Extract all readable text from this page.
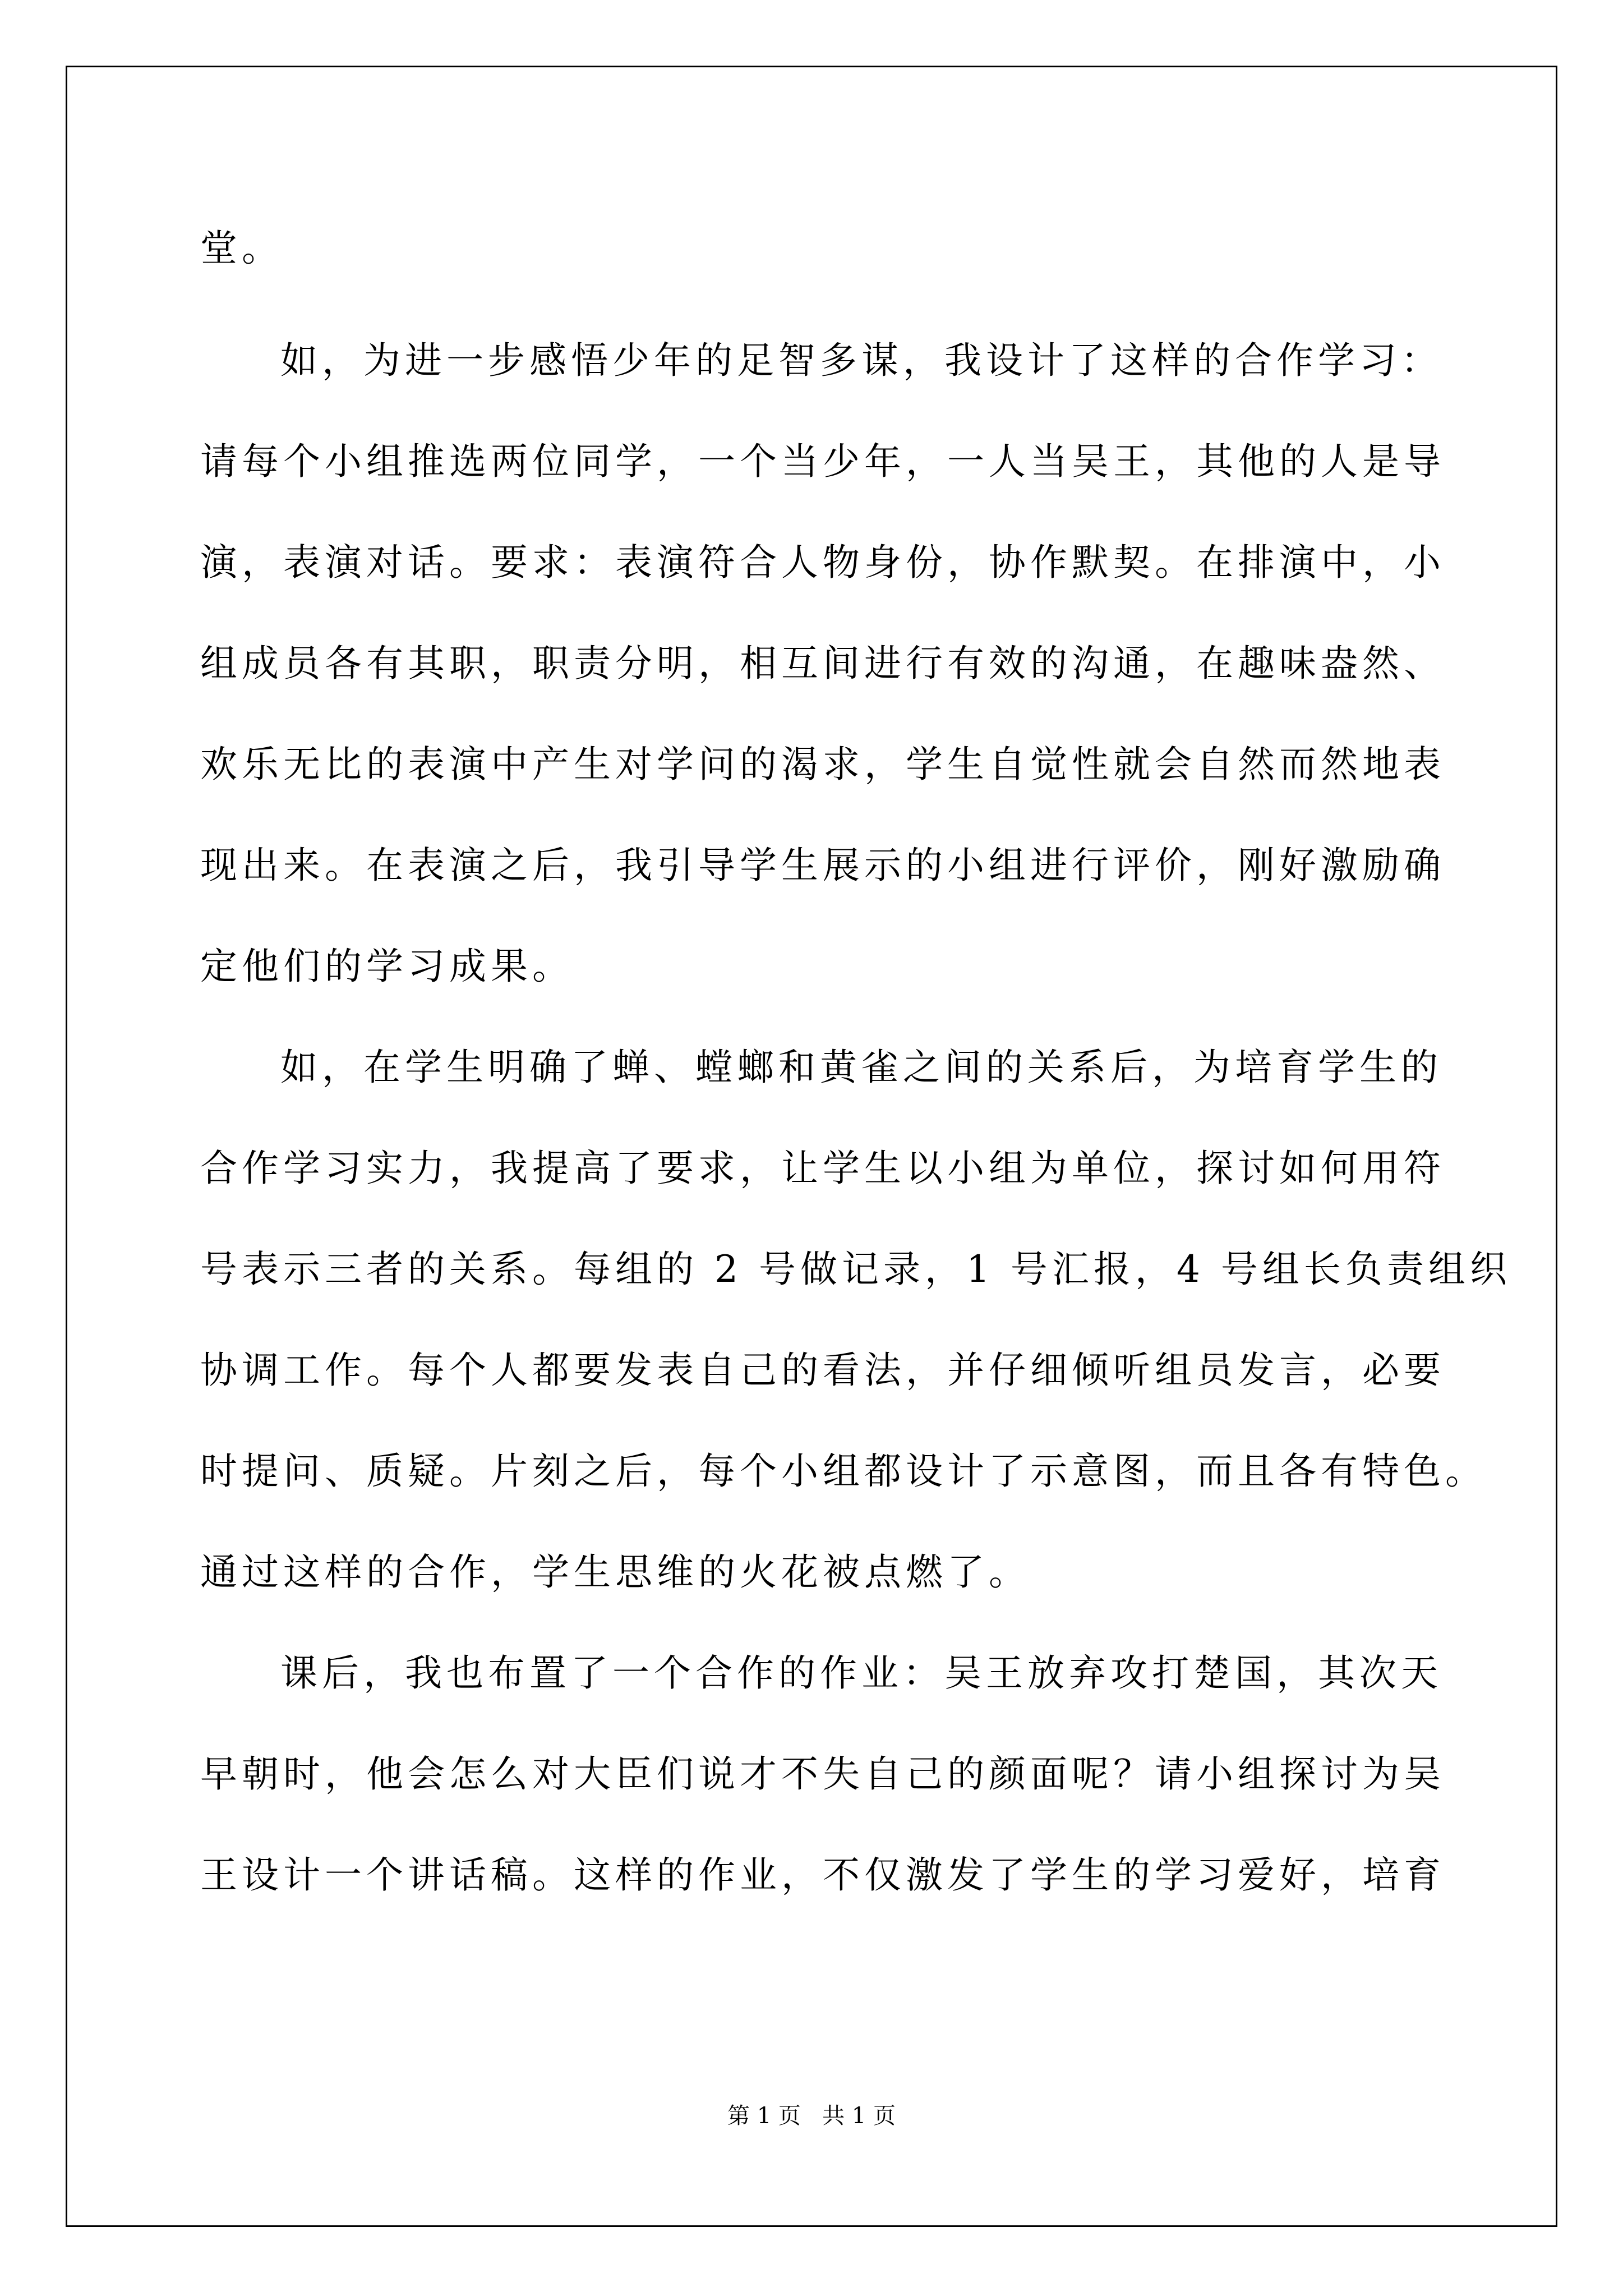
堂。
如，为进一步感悟少年的足智多谋，我设计了这样的合作学习：
请每个小组推选两位同学，一个当少年，一人当吴王，其他的人是导
演，表演对话。要求：表演符合人物身份，协作默契。在排演中，小
组成员各有其职，职责分明，相互间进行有效的沟通，在趣味盎然、
欢乐无比的表演中产生对学问的渴求，学生自觉性就会自然而然地表
现出来。在表演之后，我引导学生展示的小组进行评价，刚好激励确
定他们的学习成果。
如，在学生明确了蝉、螳螂和黄雀之间的关系后，为培育学生的
合作学习实力，我提高了要求，让学生以小组为单位，探讨如何用符
号表示三者的关系。每组的 2 号做记录，1 号汇报，4 号组长负责组织
协调工作。每个人都要发表自己的看法，并仔细倾听组员发言，必要
时提问、质疑。片刻之后，每个小组都设计了示意图，而且各有特色。
通过这样的合作，学生思维的火花被点燃了。
课后，我也布置了一个合作的作业：吴王放弃攻打楚国，其次天
早朝时，他会怎么对大臣们说才不失自己的颜面呢？请小组探讨为吴
王设计一个讲话稿。这样的作业，不仅激发了学生的学习爱好，培育
第 1 页   共 1 页
